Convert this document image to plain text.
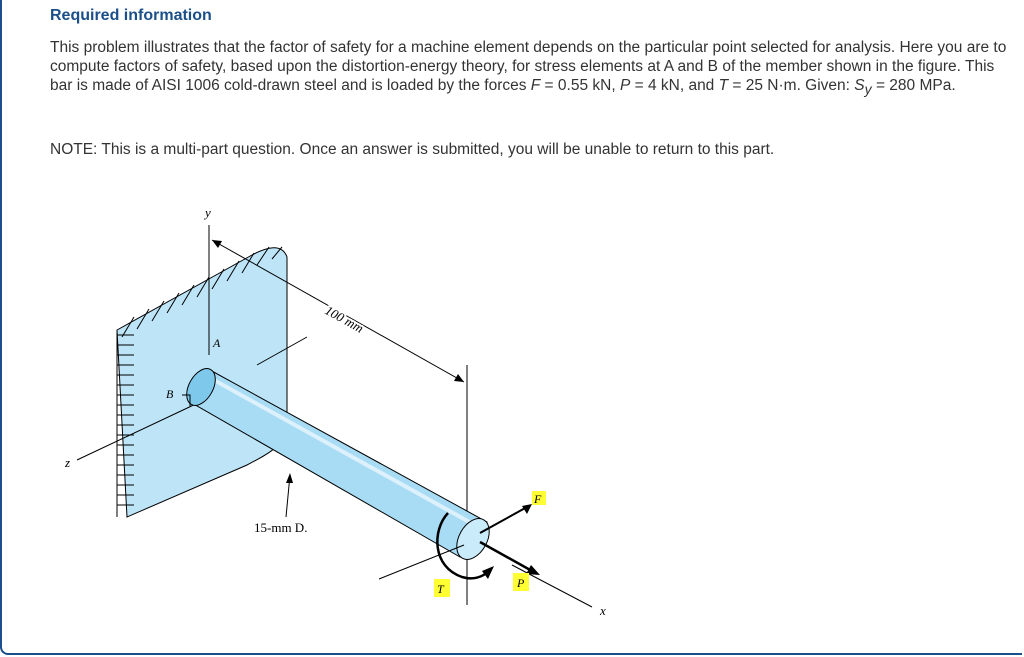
Required information
This problem illustrates that the factor of safety for a machine element depends on the particular point selected for analysis. Here you are to compute factors of safety, based upon the distortion-energy theory, for stress elements at A and B of the member shown in the figure. This bar is made of AISI 1006 cold-drawn steel and is loaded by the forces F = 0.55 kN, P = 4 kN, and T = 25 N·m. Given: $S_y = 280$ MPa.
NOTE: This is a multi-part question. Once an answer is submitted, you will be unable to return to this part.
y
100 mm
z
A
B
15-mm D.
x
F
P
T
